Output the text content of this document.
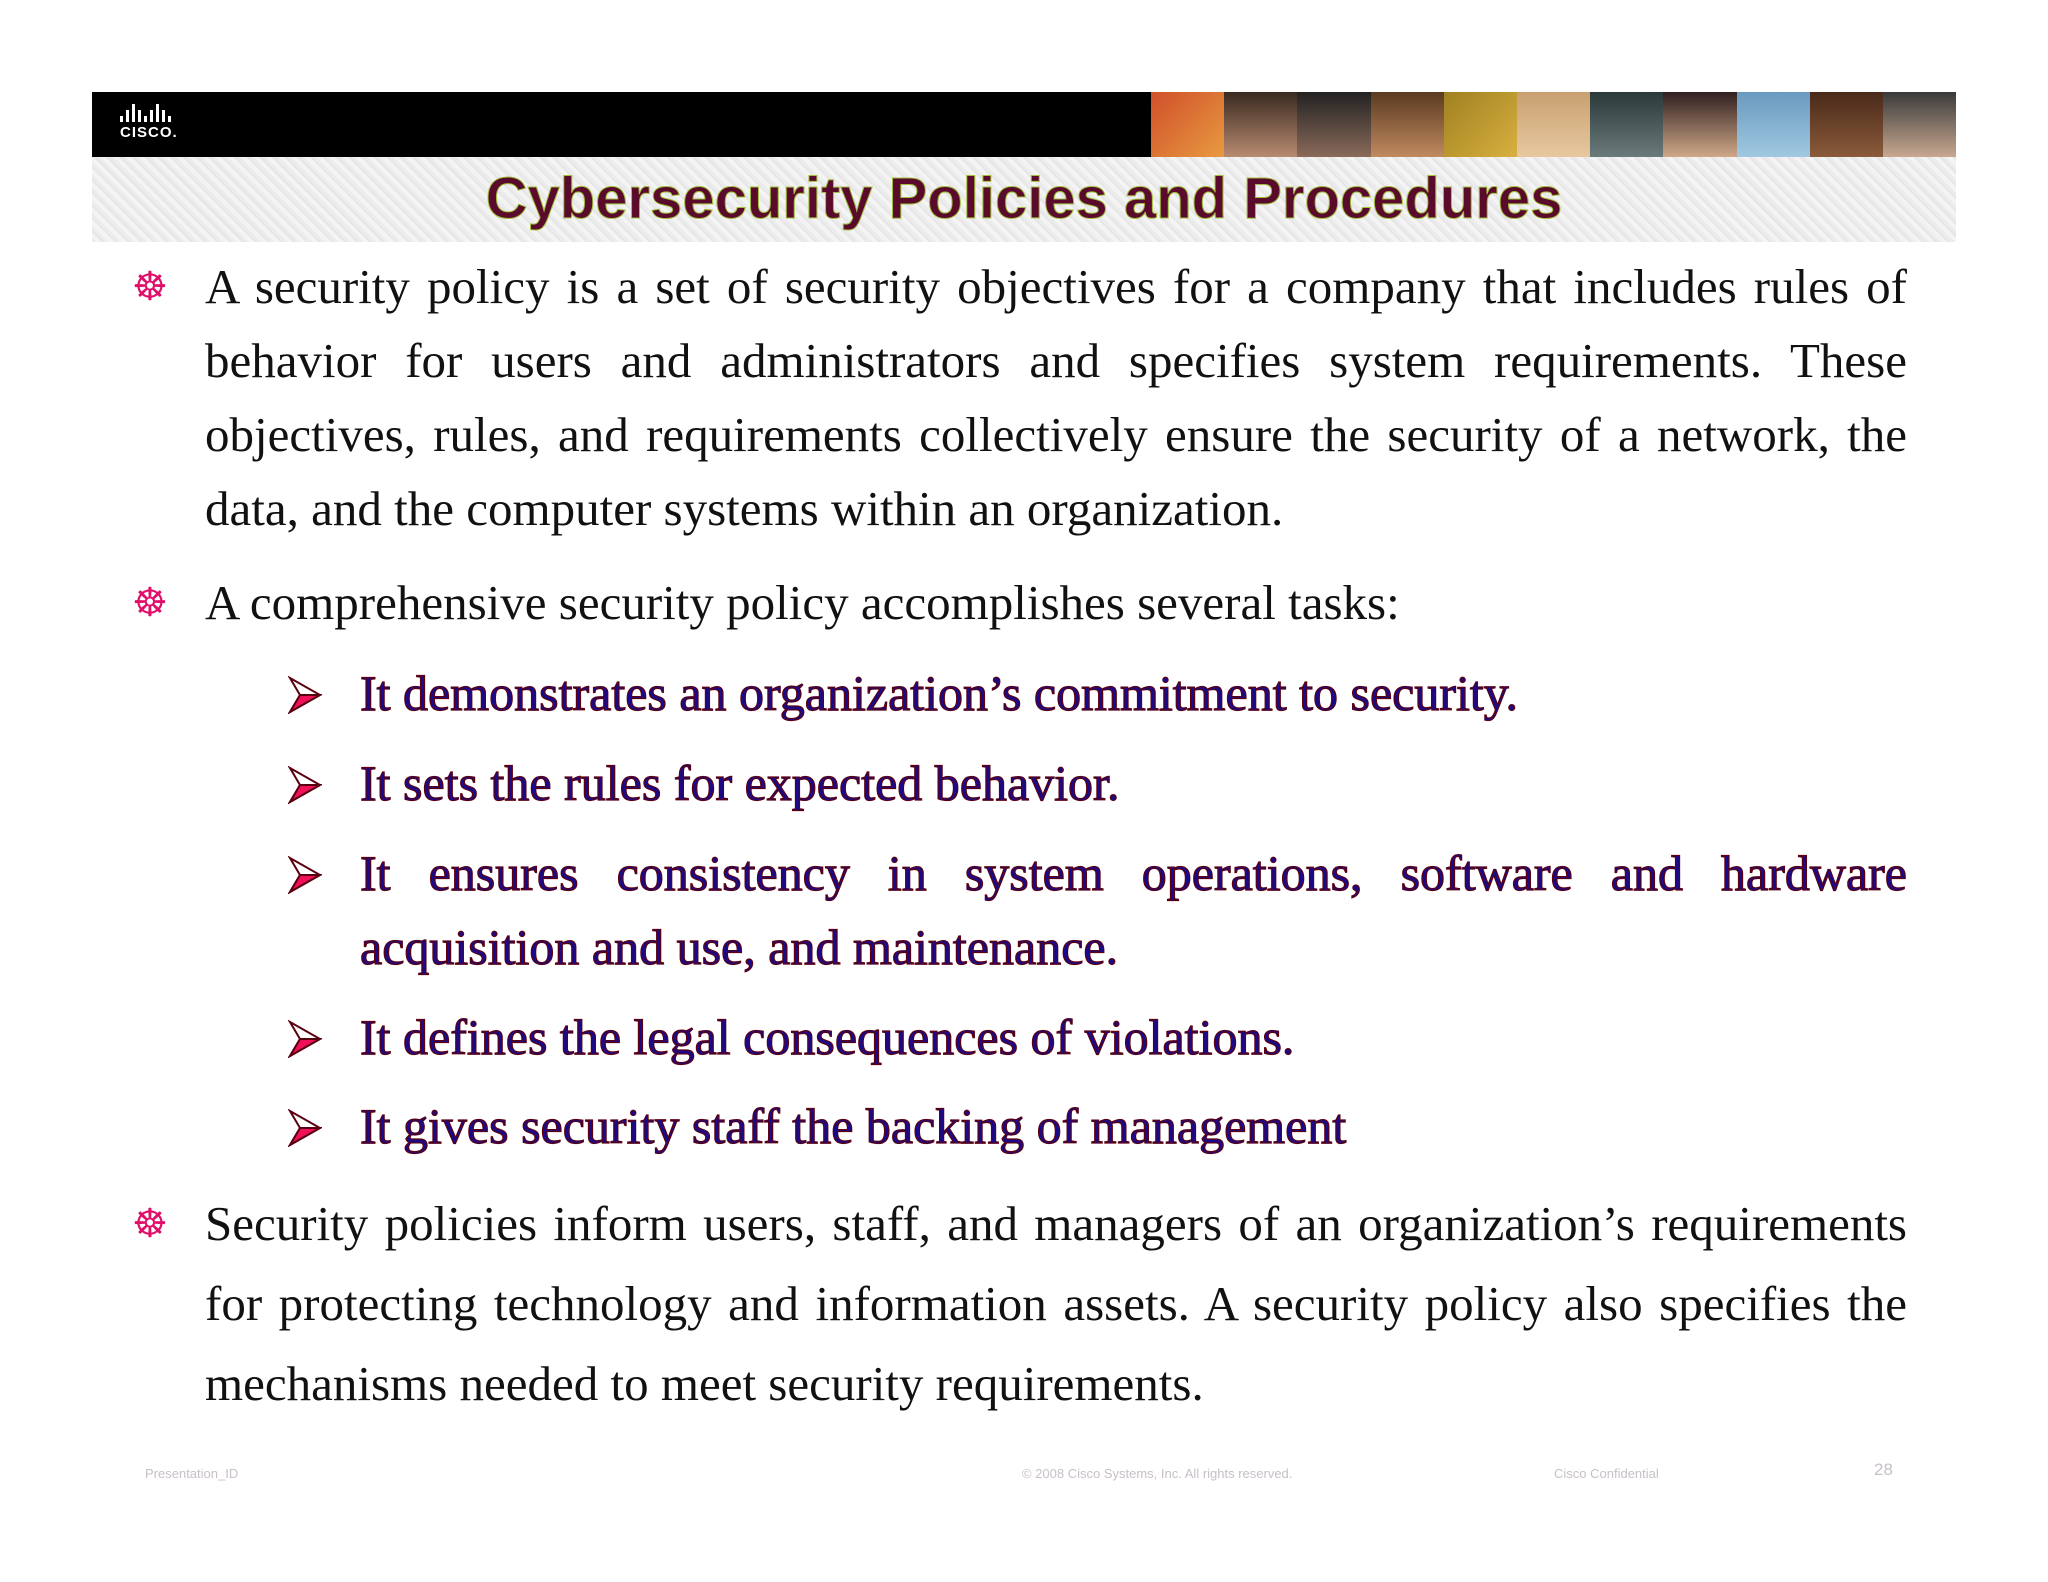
CISCO.
Cybersecurity Policies and Procedures
☸ A security policy is a set of security objectives for a company that includes rules of behavior for users and administrators and specifies system requirements. These objectives, rules, and requirements collectively ensure the security of a network, the data, and the computer systems within an organization.
☸ A comprehensive security policy accomplishes several tasks:
It demonstrates an organization’s commitment to security.
It sets the rules for expected behavior.
It ensures consistency in system operations, software and hardware acquisition and use, and maintenance.
It defines the legal consequences of violations.
It gives security staff the backing of management
☸ Security policies inform users, staff, and managers of an organization’s requirements for protecting technology and information assets. A security policy also specifies the mechanisms needed to meet security requirements.
Presentation_ID	© 2008 Cisco Systems, Inc. All rights reserved.	Cisco Confidential	28
